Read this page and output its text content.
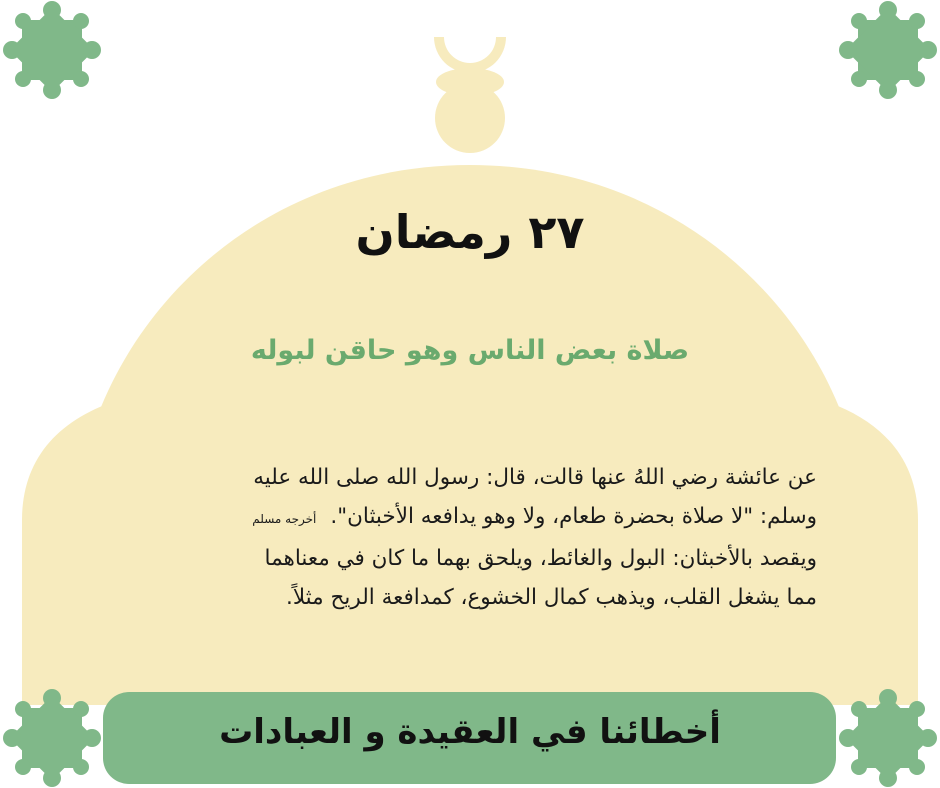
٢٧ رمضان
صلاة بعض الناس وهو حاقن لبوله

عن عائشة رضي اللهُ عنها قالت، قال: رسول الله صلى الله عليه

وسلم: "لا صلاة بحضرة طعام، ولا وهو يدافعه الأخبثان".أخرجه مسلم

ويقصد بالأخبثان: البول والغائط، ويلحق بهما ما كان في معناهما

مما يشغل القلب، ويذهب كمال الخشوع، كمدافعة الريح مثلاً.

أخطائنا في العقيدة و العبادات
